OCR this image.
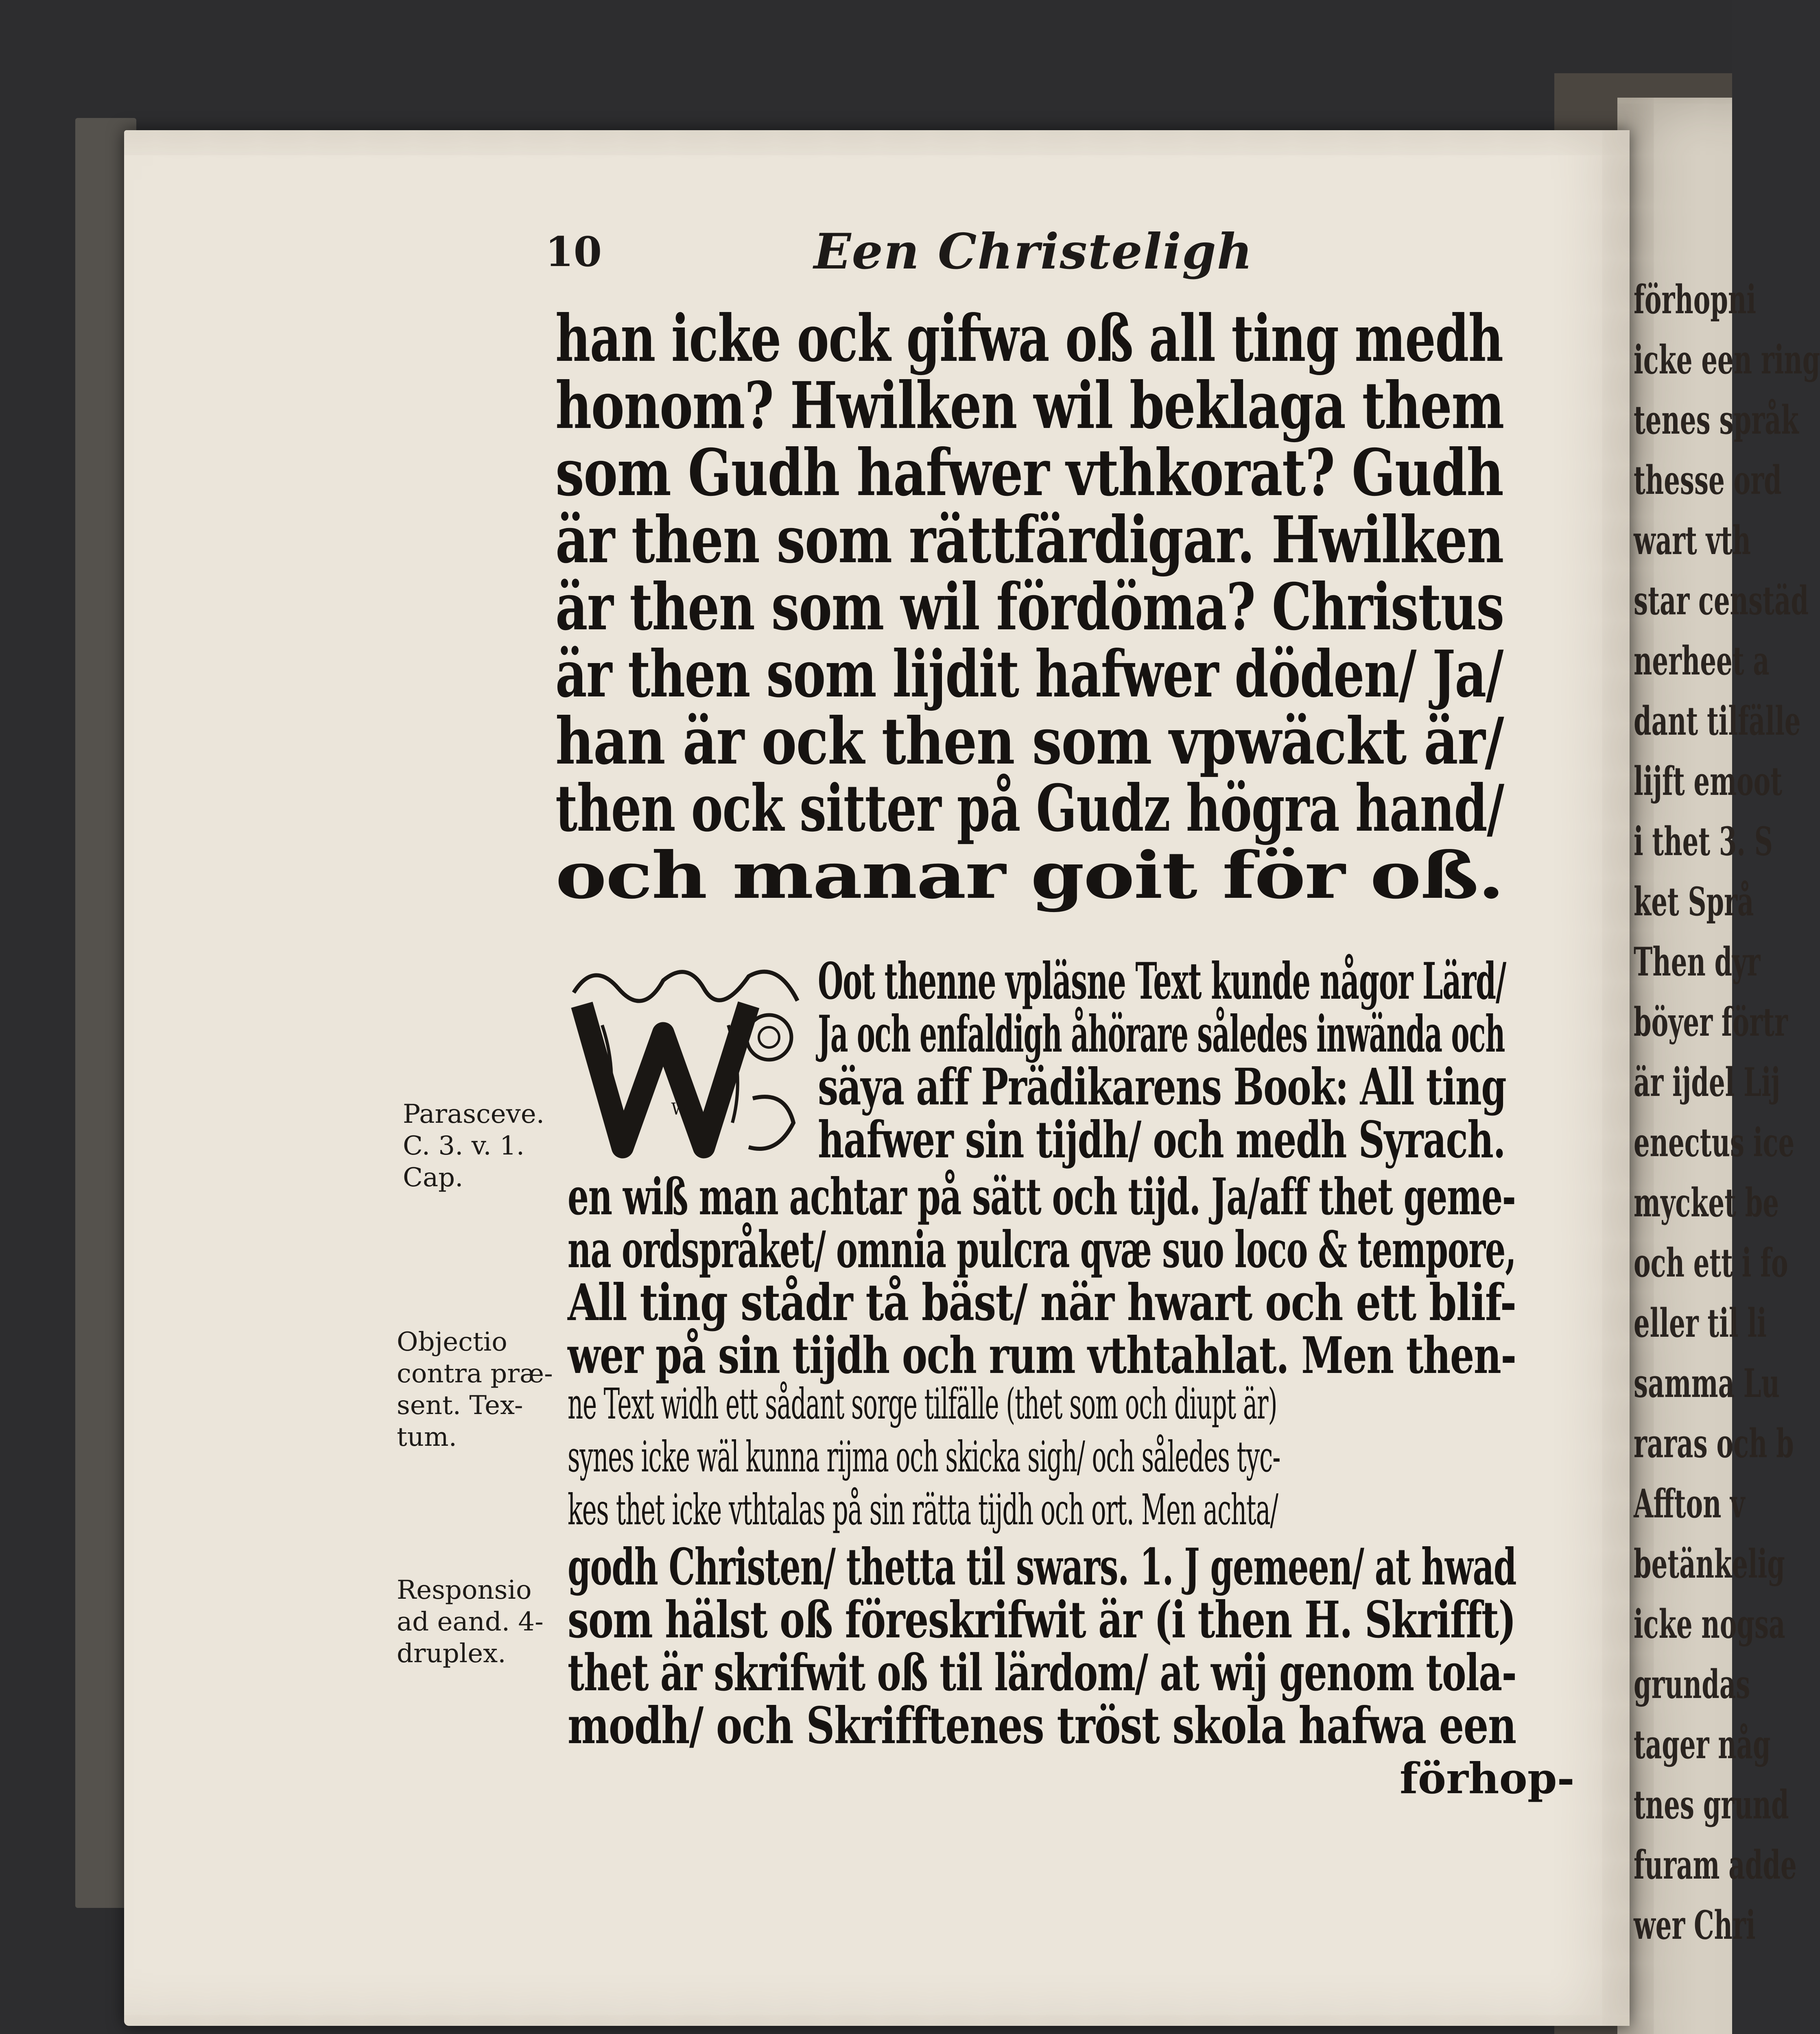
förhopni
icke een ring
tenes språk
thesse ord
wart vth
star censtäd
nerheet a
dant tilfälle
lijft emoot
i thet 3. S
ket Språ
Then dyr
böyer förtr
är ijdel Lij
enectus ice
mycket be
och ett i fo
eller til li
samma Lu
raras och b
Affton v
betänkelig
icke nogsa
grundas
tager någ
tnes grund
furam adde
wer Chri
10	Een Christeligh
han icke ock gifwa oß all ting medh
honom? Hwilken wil beklaga them
som Gudh hafwer vthkorat? Gudh
är then som rättfärdigar. Hwilken
är then som wil fördöma? Christus
är then som lijdit hafwer döden/ Ja/
han är ock then som vpwäckt är/
then ock sitter på Gudz högra hand/
och manar goit för oß.
W
Oot thenne vpläsne Text kunde någor Lärd/
Ja och enfaldigh åhörare således inwända och
säya aff Prädikarens Book: All ting
hafwer sin tijdh/ och medh Syrach.
en wiß man achtar på sätt och tijd. Ja/aff thet geme-
na ordspråket/ omnia pulcra qvæ suo loco & tempore,
All ting stådr tå bäst/ när hwart och ett blif-
wer på sin tijdh och rum vthtahlat. Men then-
ne Text widh ett sådant sorge tilfälle (thet som och diupt är)
synes icke wäl kunna rijma och skicka sigh/ och således tyc-
kes thet icke vthtalas på sin rätta tijdh och ort. Men achta/
godh Christen/ thetta til swars. 1. J gemeen/ at hwad
som hälst oß föreskrifwit är (i then H. Skrifft)
thet är skrifwit oß til lärdom/ at wij genom tola-
modh/ och Skrifftenes tröst skola hafwa een
Parasceve.
C. 3. v. 1.
Cap.
Objectio
contra præ-
sent. Tex-
tum.
Responsio
ad eand. 4-
druplex.
förhop-
